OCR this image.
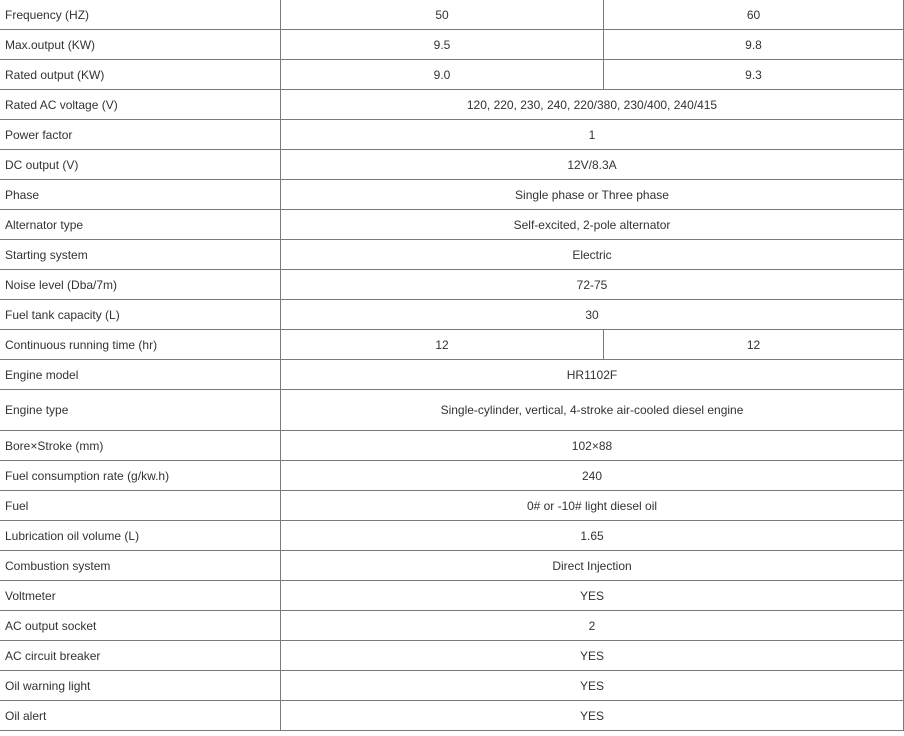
Frequency (HZ)	50	60
Max.output (KW)	9.5	9.8
Rated output (KW)	9.0	9.3
Rated AC voltage (V)	120, 220, 230, 240, 220/380, 230/400, 240/415	
Power factor	1	
DC output (V)	12V/8.3A	
Phase	Single phase or Three phase	
Alternator type	Self-excited, 2-pole alternator	
Starting system	Electric	
Noise level (Dba/7m)	72-75	
Fuel tank capacity (L)	30	
Continuous running time (hr)	12	12
Engine model	HR1102F	
Engine type	Single-cylinder, vertical, 4-stroke air-cooled diesel engine	
Bore×Stroke (mm)	102×88	
Fuel consumption rate (g/kw.h)	240	
Fuel	0# or -10# light diesel oil	
Lubrication oil volume (L)	1.65	
Combustion system	Direct Injection	
Voltmeter	YES	
AC output socket	2	
AC circuit breaker	YES	
Oil warning light	YES	
Oil alert	YES	
